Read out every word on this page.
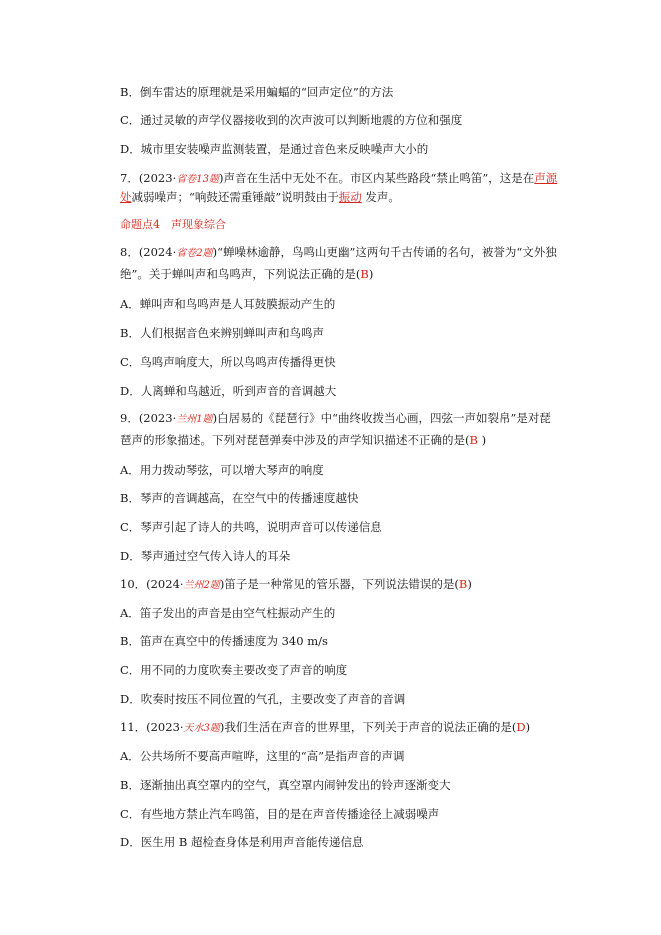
B．倒车雷达的原理就是采用蝙蝠的“回声定位”的方法
C．通过灵敏的声学仪器接收到的次声波可以判断地震的方位和强度
D．城市里安装噪声监测装置，是通过音色来反映噪声大小的
7．(2023·省卷13题)声音在生活中无处不在。市区内某些路段“禁止鸣笛”，这是在声源
处减弱噪声；“响鼓还需重锤敲”说明鼓由于振动 发声。
命题点4　声现象综合
8．(2024·省卷2题)“蝉噪林逾静，鸟鸣山更幽”这两句千古传诵的名句，被誉为“文外独
绝”。关于蝉叫声和鸟鸣声，下列说法正确的是(B)
A．蝉叫声和鸟鸣声是人耳鼓膜振动产生的
B．人们根据音色来辨别蝉叫声和鸟鸣声
C．鸟鸣声响度大，所以鸟鸣声传播得更快
D．人离蝉和鸟越近，听到声音的音调越大
9．(2023·兰州1题)白居易的《琵琶行》中“曲终收拨当心画，四弦一声如裂帛”是对琵
琶声的形象描述。下列对琵琶弹奏中涉及的声学知识描述不正确的是(B )
A．用力拨动琴弦，可以增大琴声的响度
B．琴声的音调越高，在空气中的传播速度越快
C．琴声引起了诗人的共鸣，说明声音可以传递信息
D．琴声通过空气传入诗人的耳朵
10．(2024·兰州2题)笛子是一种常见的管乐器，下列说法错误的是(B)
A．笛子发出的声音是由空气柱振动产生的
B．笛声在真空中的传播速度为 340 m/s
C．用不同的力度吹奏主要改变了声音的响度
D．吹奏时按压不同位置的气孔，主要改变了声音的音调
11．(2023·天水3题)我们生活在声音的世界里，下列关于声音的说法正确的是(D)
A．公共场所不要高声喧哗，这里的“高”是指声音的声调
B．逐渐抽出真空罩内的空气，真空罩内闹钟发出的铃声逐渐变大
C．有些地方禁止汽车鸣笛，目的是在声音传播途径上减弱噪声
D．医生用 B 超检查身体是利用声音能传递信息
